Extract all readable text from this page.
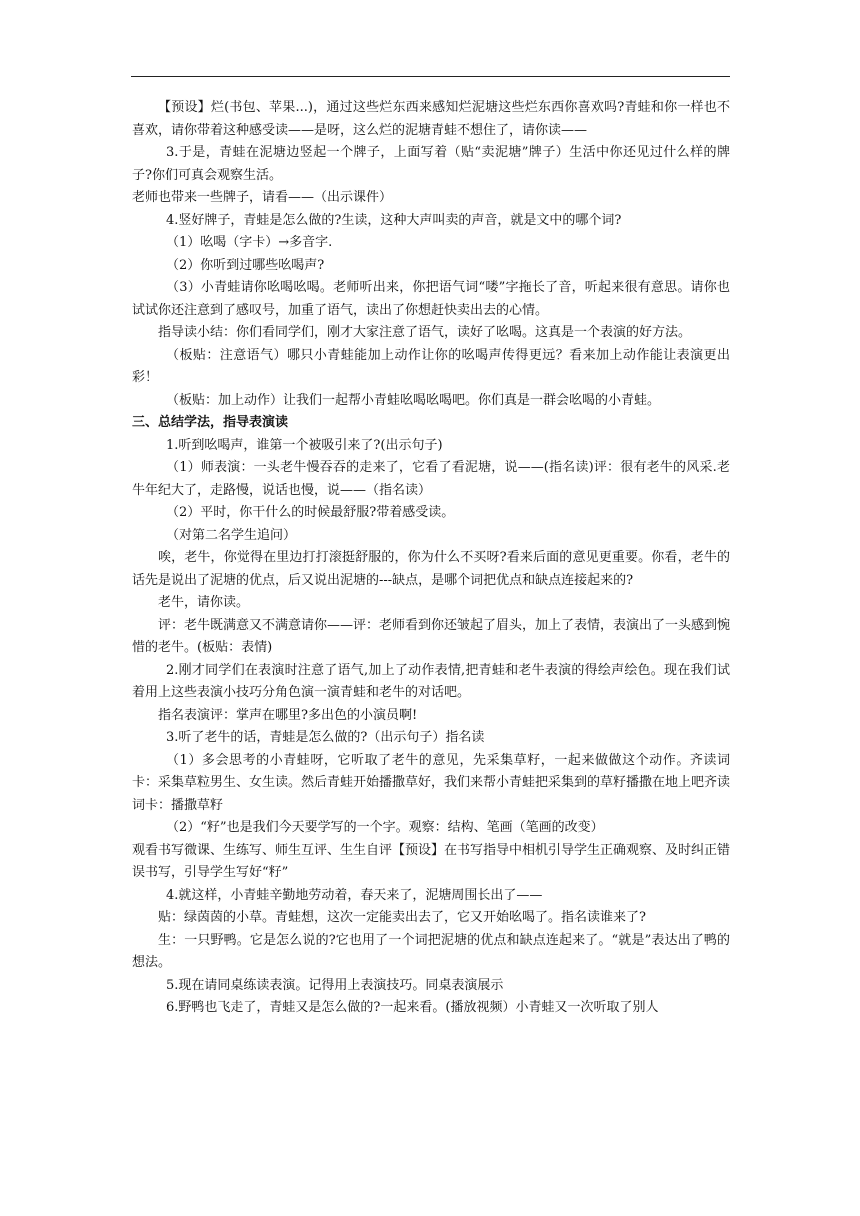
【预设】烂(书包、苹果...)，通过这些烂东西来感知烂泥塘这些烂东西你喜欢吗?青蛙和你一样也不喜欢，请你带着这种感受读——是呀，这么烂的泥塘青蛙不想住了，请你读——

3.于是，青蛙在泥塘边竖起一个牌子，上面写着（贴“卖泥塘”牌子）生活中你还见过什么样的牌子?你们可真会观察生活。

老师也带来一些牌子，请看——（出示课件）

4.竖好牌子，青蛙是怎么做的?生读，这种大声叫卖的声音，就是文中的哪个词?

（1）吆喝（字卡）→多音字.

（2）你听到过哪些吆喝声?

（3）小青蛙请你吆喝吆喝。老师听出来，你把语气词“喽”字拖长了音，听起来很有意思。请你也试试你还注意到了感叹号，加重了语气，读出了你想赶快卖出去的心情。

指导读小结：你们看同学们，刚才大家注意了语气，读好了吆喝。这真是一个表演的好方法。

（板贴：注意语气）哪只小青蛙能加上动作让你的吆喝声传得更远？看来加上动作能让表演更出彩！

（板贴：加上动作）让我们一起帮小青蛙吆喝吆喝吧。你们真是一群会吆喝的小青蛙。

三、总结学法，指导表演读

1.听到吆喝声，谁第一个被吸引来了?(出示句子)

（1）师表演：一头老牛慢吞吞的走来了，它看了看泥塘，说——(指名读)评：很有老牛的风采.老牛年纪大了，走路慢，说话也慢，说——（指名读）

（2）平时，你干什么的时候最舒服?带着感受读。

（对第二名学生追问）

唉，老牛，你觉得在里边打打滚挺舒服的，你为什么不买呀?看来后面的意见更重要。你看，老牛的话先是说出了泥塘的优点，后又说出泥塘的---缺点，是哪个词把优点和缺点连接起来的?

老牛，请你读。

评：老牛既满意又不满意请你——评：老师看到你还皱起了眉头，加上了表情，表演出了一头感到惋惜的老牛。(板贴：表情)

2.刚才同学们在表演时注意了语气,加上了动作表情,把青蛙和老牛表演的得绘声绘色。现在我们试着用上这些表演小技巧分角色演一演青蛙和老牛的对话吧。

指名表演评：掌声在哪里?多出色的小演员啊!

3.听了老牛的话，青蛙是怎么做的?（出示句子）指名读

（1）多会思考的小青蛙呀，它听取了老牛的意见，先采集草籽，一起来做做这个动作。齐读词卡：采集草粒男生、女生读。然后青蛙开始播撒草好，我们来帮小青蛙把采集到的草籽播撒在地上吧齐读词卡：播撒草籽

（2）“籽”也是我们今天要学写的一个字。观察：结构、笔画（笔画的改变）

观看书写微课、生练写、师生互评、生生自评【预设】在书写指导中相机引导学生正确观察、及时纠正错误书写，引导学生写好“籽”

4.就这样，小青蛙辛勤地劳动着，春天来了，泥塘周围长出了——

贴：绿茵茵的小草。青蛙想，这次一定能卖出去了，它又开始吆喝了。指名读谁来了?

生：一只野鸭。它是怎么说的?它也用了一个词把泥塘的优点和缺点连起来了。“就是”表达出了鸭的想法。

5.现在请同桌练读表演。记得用上表演技巧。同桌表演展示

6.野鸭也飞走了，青蛙又是怎么做的?一起来看。(播放视频）小青蛙又一次听取了别人
